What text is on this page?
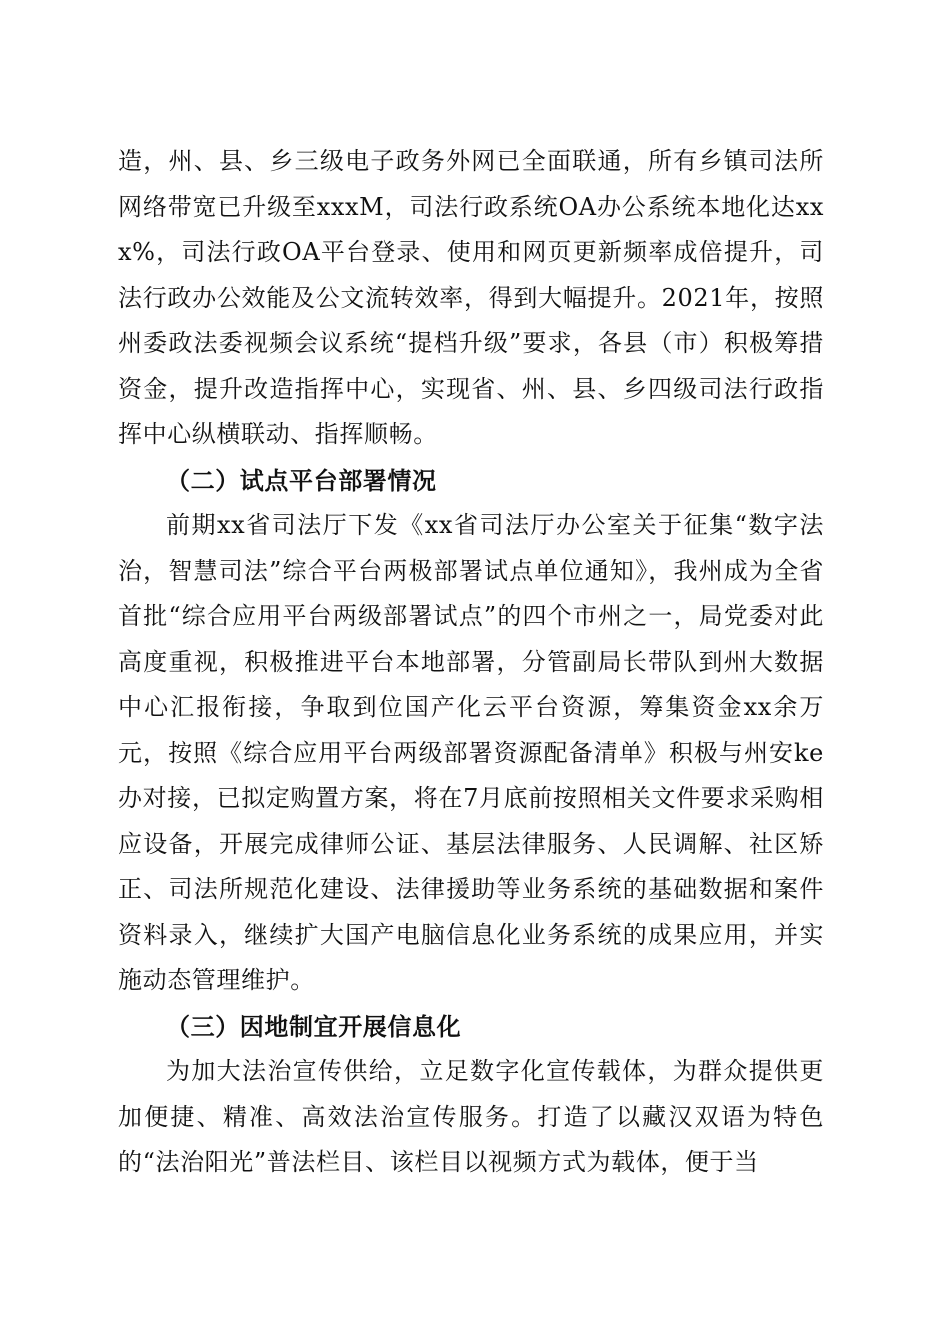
造，州、县、乡三级电子政务外网已全面联通，所有乡镇司法所网络带宽已升级至xxxM，司法行政系统OA办公系统本地化达xxx%，司法行政OA平台登录、使用和网页更新频率成倍提升，司法行政办公效能及公文流转效率，得到大幅提升。2021年，按照州委政法委视频会议系统“提档升级”要求，各县（市）积极筹措资金，提升改造指挥中心，实现省、州、县、乡四级司法行政指挥中心纵横联动、指挥顺畅。

（二）试点平台部署情况

前期xx省司法厅下发《xx省司法厅办公室关于征集“数字法治，智慧司法”综合平台两极部署试点单位通知》，我州成为全省首批“综合应用平台两级部署试点”的四个市州之一，局党委对此高度重视，积极推进平台本地部署，分管副局长带队到州大数据中心汇报衔接，争取到位国产化云平台资源，筹集资金xx余万元，按照《综合应用平台两级部署资源配备清单》积极与州安ke办对接，已拟定购置方案，将在7月底前按照相关文件要求采购相应设备，开展完成律师公证、基层法律服务、人民调解、社区矫正、司法所规范化建设、法律援助等业务系统的基础数据和案件资料录入，继续扩大国产电脑信息化业务系统的成果应用，并实施动态管理维护。

（三）因地制宜开展信息化

为加大法治宣传供给，立足数字化宣传载体，为群众提供更加便捷、精准、高效法治宣传服务。打造了以藏汉双语为特色的“法治阳光”普法栏目、该栏目以视频方式为载体，便于当
